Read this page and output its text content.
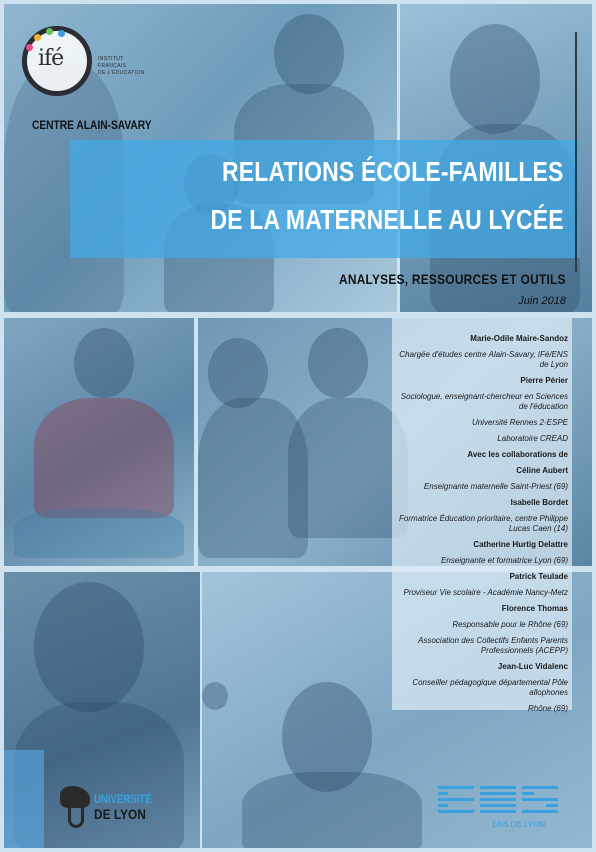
ifé	INSTITUT
FRANÇAIS
DE L'ÉDUCATION
CENTRE ALAIN-SAVARY
RELATIONS ÉCOLE-FAMILLES
DE LA MATERNELLE AU LYCÉE
ANALYSES, RESSOURCES ET OUTILS
Juin 2018
Marie-Odile Maire-Sandoz
Chargée d'études centre Alain-Savary, IFé/ENS de Lyon
Pierre Périer
Sociologue, enseignant-chercheur en Sciences de l'éducation
Université Rennes 2-ESPE
Laboratoire CREAD
Avec les collaborations de
Céline Aubert
Enseignante maternelle Saint-Priest (69)
Isabelle Bordet
Formatrice Éducation prioritaire, centre Philippe Lucas Caen (14)
Catherine Hurtig Delattre
Enseignante et formatrice Lyon (69)
Patrick Teulade
Proviseur Vie scolaire - Académie Nancy-Metz
Florence Thomas
Responsable pour le Rhône (69)
Association des Collectifs Enfants Parents Professionnels (ACEPP)
Jean-Luc Vidalenc
Conseiller pédagogique départemental Pôle allophones
Rhône (69)
UNIVERSITÉ
DE LYON
ENS DE LYON
